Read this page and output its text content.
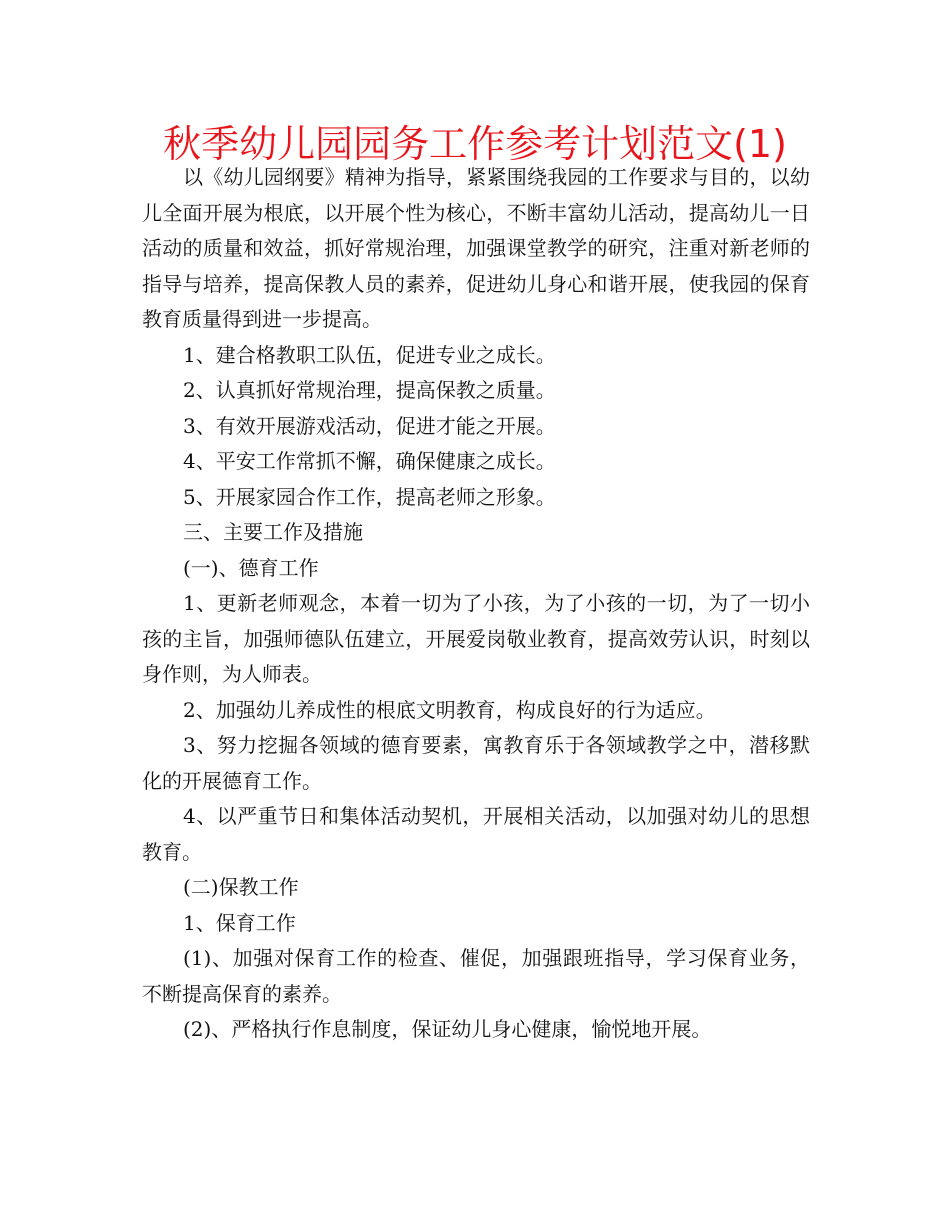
秋季幼儿园园务工作参考计划范文(1)

以《幼儿园纲要》精神为指导，紧紧围绕我园的工作要求与目的，以幼儿全面开展为根底，以开展个性为核心，不断丰富幼儿活动，提高幼儿一日活动的质量和效益，抓好常规治理，加强课堂教学的研究，注重对新老师的指导与培养，提高保教人员的素养，促进幼儿身心和谐开展，使我园的保育教育质量得到进一步提高。

1、建合格教职工队伍，促进专业之成长。

2、认真抓好常规治理，提高保教之质量。

3、有效开展游戏活动，促进才能之开展。

4、平安工作常抓不懈，确保健康之成长。

5、开展家园合作工作，提高老师之形象。

三、主要工作及措施

(一)、德育工作

1、更新老师观念，本着一切为了小孩，为了小孩的一切，为了一切小孩的主旨，加强师德队伍建立，开展爱岗敬业教育，提高效劳认识，时刻以身作则，为人师表。

2、加强幼儿养成性的根底文明教育，构成良好的行为适应。

3、努力挖掘各领域的德育要素，寓教育乐于各领域教学之中，潜移默化的开展德育工作。

4、以严重节日和集体活动契机，开展相关活动，以加强对幼儿的思想教育。

(二)保教工作

1、保育工作

(1)、加强对保育工作的检查、催促，加强跟班指导，学习保育业务，不断提高保育的素养。

(2)、严格执行作息制度，保证幼儿身心健康，愉悦地开展。
